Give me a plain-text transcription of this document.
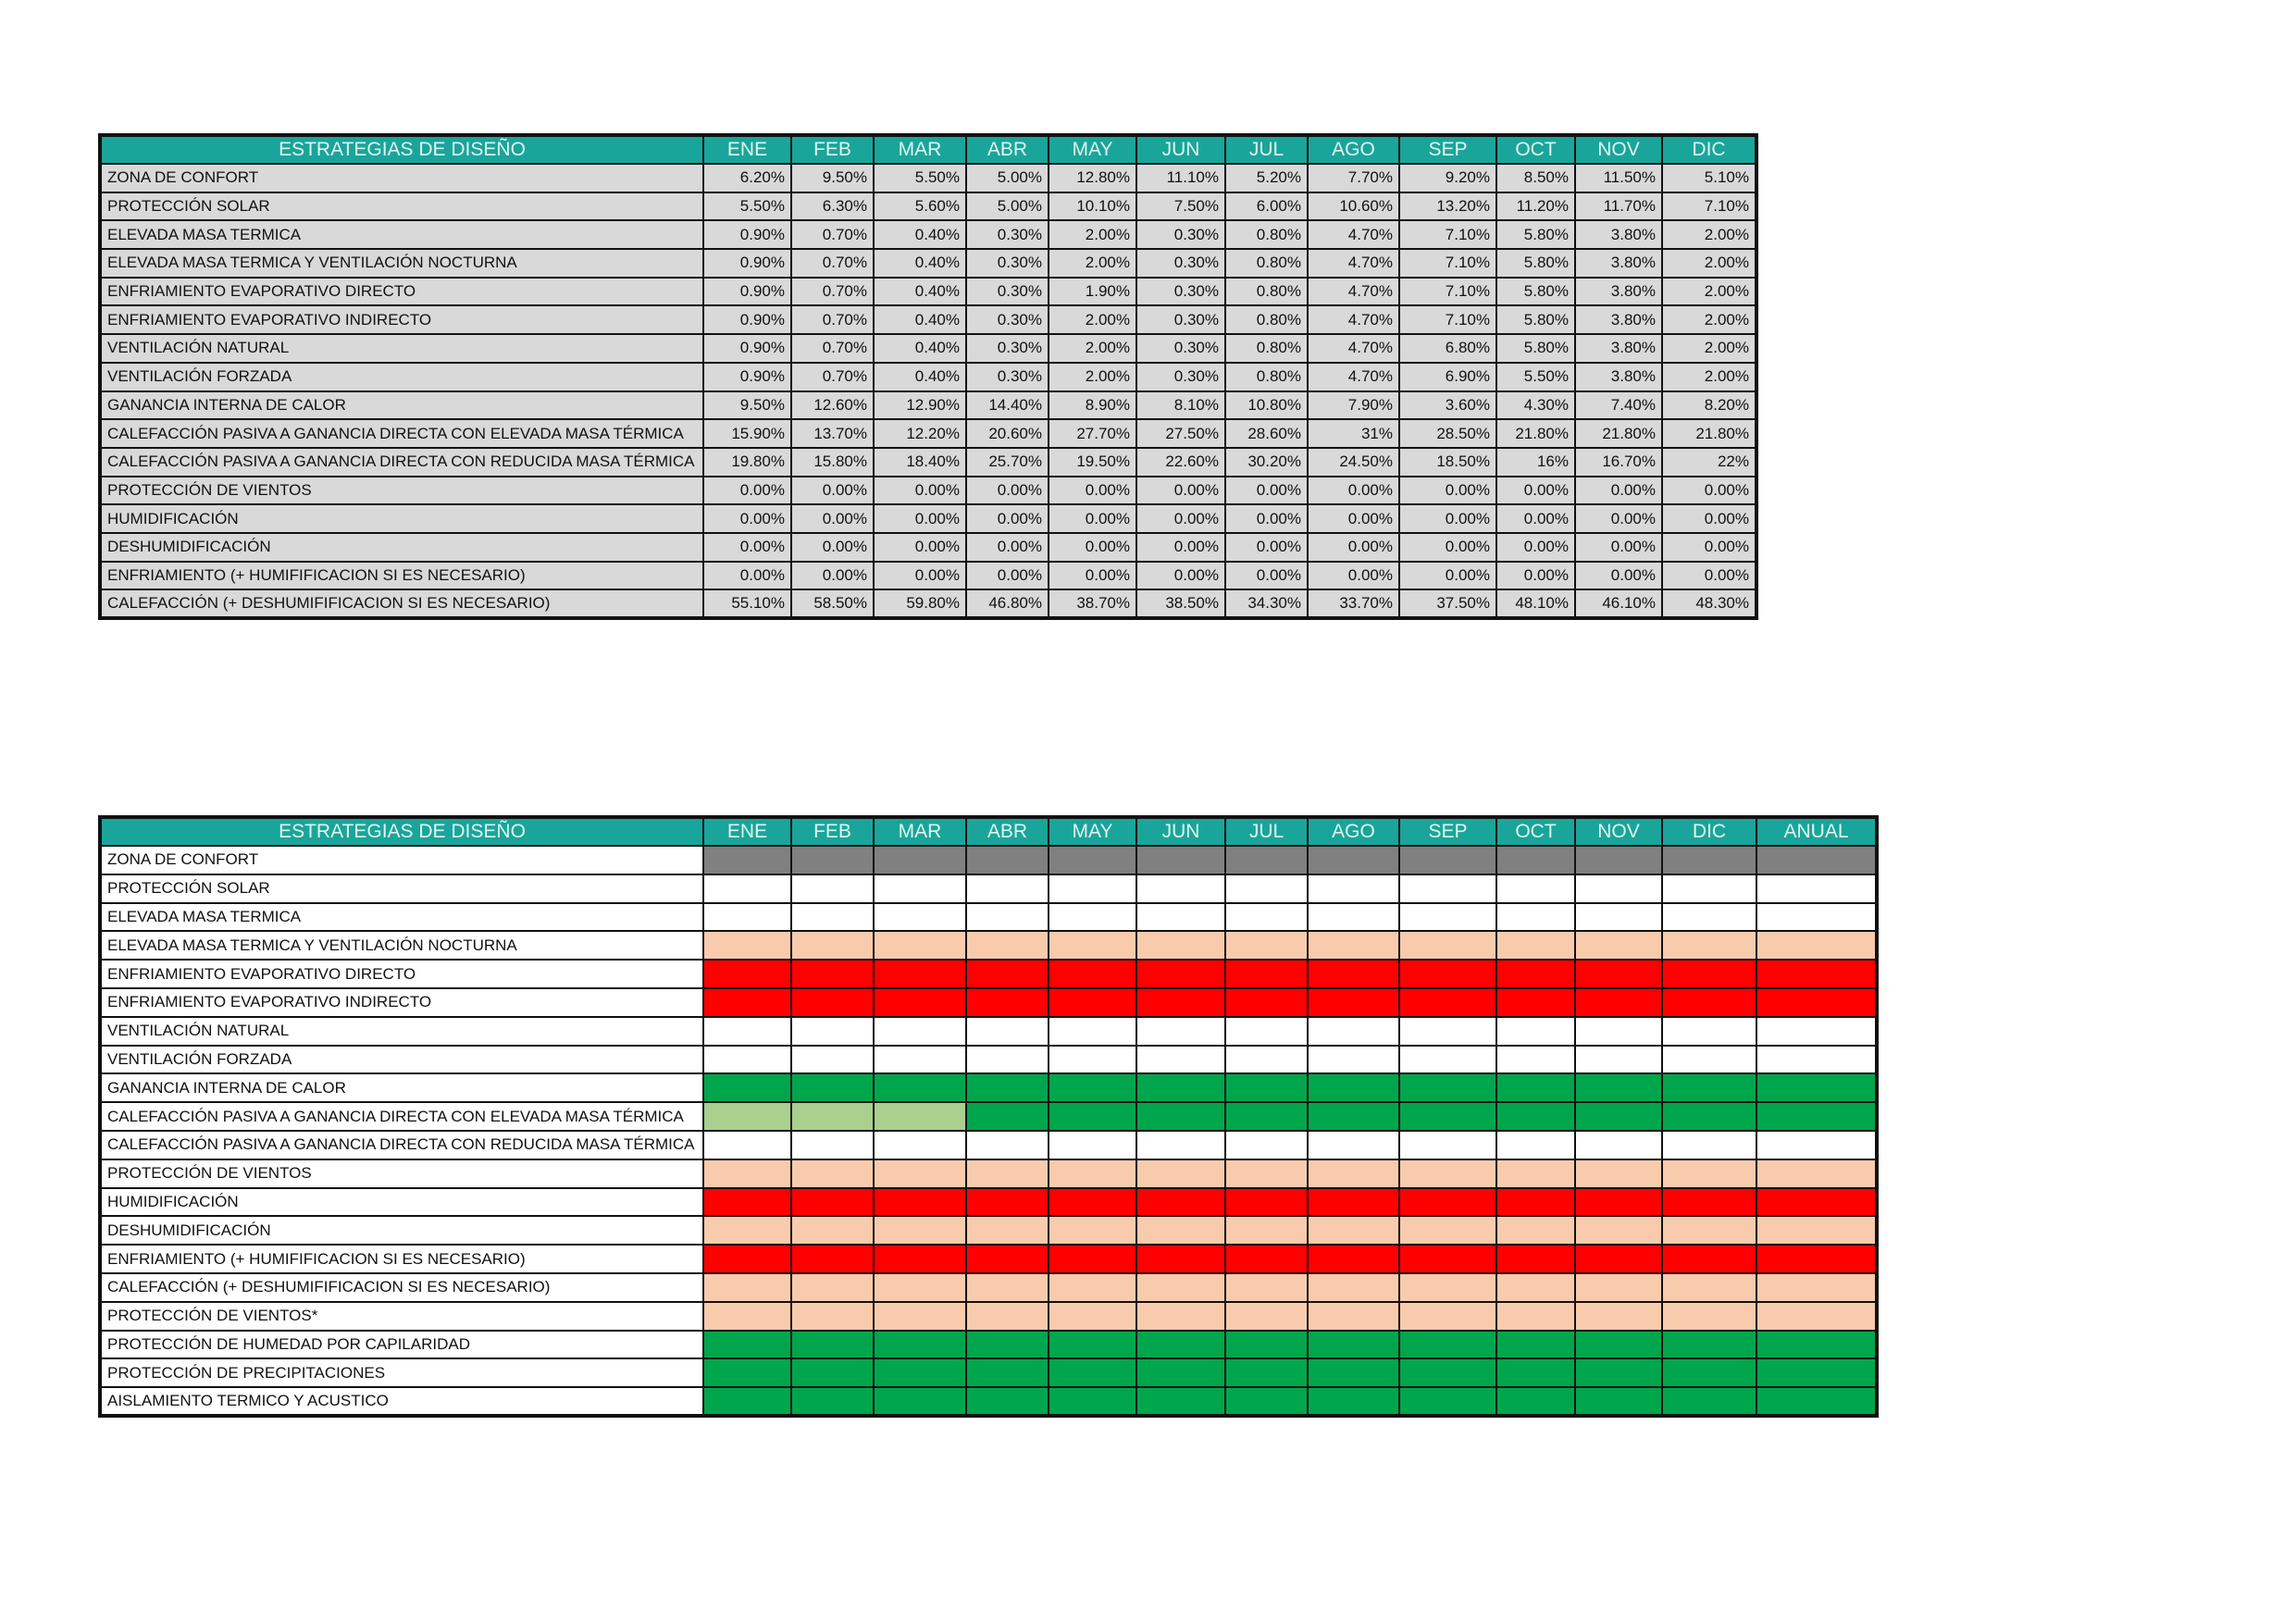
ESTRATEGIAS DE DISEÑO	ENE	FEB	MAR	ABR	MAY	JUN	JUL	AGO	SEP	OCT	NOV	DIC
ZONA DE CONFORT	6.20%	9.50%	5.50%	5.00%	12.80%	11.10%	5.20%	7.70%	9.20%	8.50%	11.50%	5.10%
PROTECCIÓN SOLAR	5.50%	6.30%	5.60%	5.00%	10.10%	7.50%	6.00%	10.60%	13.20%	11.20%	11.70%	7.10%
ELEVADA MASA TERMICA	0.90%	0.70%	0.40%	0.30%	2.00%	0.30%	0.80%	4.70%	7.10%	5.80%	3.80%	2.00%
ELEVADA MASA TERMICA Y VENTILACIÓN NOCTURNA	0.90%	0.70%	0.40%	0.30%	2.00%	0.30%	0.80%	4.70%	7.10%	5.80%	3.80%	2.00%
ENFRIAMIENTO EVAPORATIVO DIRECTO	0.90%	0.70%	0.40%	0.30%	1.90%	0.30%	0.80%	4.70%	7.10%	5.80%	3.80%	2.00%
ENFRIAMIENTO EVAPORATIVO INDIRECTO	0.90%	0.70%	0.40%	0.30%	2.00%	0.30%	0.80%	4.70%	7.10%	5.80%	3.80%	2.00%
VENTILACIÓN NATURAL	0.90%	0.70%	0.40%	0.30%	2.00%	0.30%	0.80%	4.70%	6.80%	5.80%	3.80%	2.00%
VENTILACIÓN FORZADA	0.90%	0.70%	0.40%	0.30%	2.00%	0.30%	0.80%	4.70%	6.90%	5.50%	3.80%	2.00%
GANANCIA INTERNA DE CALOR	9.50%	12.60%	12.90%	14.40%	8.90%	8.10%	10.80%	7.90%	3.60%	4.30%	7.40%	8.20%
CALEFACCIÓN PASIVA A GANANCIA DIRECTA CON ELEVADA MASA TÉRMICA	15.90%	13.70%	12.20%	20.60%	27.70%	27.50%	28.60%	31%	28.50%	21.80%	21.80%	21.80%
CALEFACCIÓN PASIVA A GANANCIA DIRECTA CON REDUCIDA MASA TÉRMICA	19.80%	15.80%	18.40%	25.70%	19.50%	22.60%	30.20%	24.50%	18.50%	16%	16.70%	22%
PROTECCIÓN DE VIENTOS	0.00%	0.00%	0.00%	0.00%	0.00%	0.00%	0.00%	0.00%	0.00%	0.00%	0.00%	0.00%
HUMIDIFICACIÓN	0.00%	0.00%	0.00%	0.00%	0.00%	0.00%	0.00%	0.00%	0.00%	0.00%	0.00%	0.00%
DESHUMIDIFICACIÓN	0.00%	0.00%	0.00%	0.00%	0.00%	0.00%	0.00%	0.00%	0.00%	0.00%	0.00%	0.00%
ENFRIAMIENTO (+ HUMIFIFICACION SI ES NECESARIO)	0.00%	0.00%	0.00%	0.00%	0.00%	0.00%	0.00%	0.00%	0.00%	0.00%	0.00%	0.00%
CALEFACCIÓN (+ DESHUMIFIFICACION SI ES NECESARIO)	55.10%	58.50%	59.80%	46.80%	38.70%	38.50%	34.30%	33.70%	37.50%	48.10%	46.10%	48.30%
ESTRATEGIAS DE DISEÑO	ENE	FEB	MAR	ABR	MAY	JUN	JUL	AGO	SEP	OCT	NOV	DIC	ANUAL
ZONA DE CONFORT													
PROTECCIÓN SOLAR													
ELEVADA MASA TERMICA													
ELEVADA MASA TERMICA Y VENTILACIÓN NOCTURNA													
ENFRIAMIENTO EVAPORATIVO DIRECTO													
ENFRIAMIENTO EVAPORATIVO INDIRECTO													
VENTILACIÓN NATURAL													
VENTILACIÓN FORZADA													
GANANCIA INTERNA DE CALOR													
CALEFACCIÓN PASIVA A GANANCIA DIRECTA CON ELEVADA MASA TÉRMICA													
CALEFACCIÓN PASIVA A GANANCIA DIRECTA CON REDUCIDA MASA TÉRMICA													
PROTECCIÓN DE VIENTOS													
HUMIDIFICACIÓN													
DESHUMIDIFICACIÓN													
ENFRIAMIENTO (+ HUMIFIFICACION SI ES NECESARIO)													
CALEFACCIÓN (+ DESHUMIFIFICACION SI ES NECESARIO)													
PROTECCIÓN DE VIENTOS*													
PROTECCIÓN DE HUMEDAD POR CAPILARIDAD													
PROTECCIÓN DE PRECIPITACIONES													
AISLAMIENTO TERMICO Y ACUSTICO													
